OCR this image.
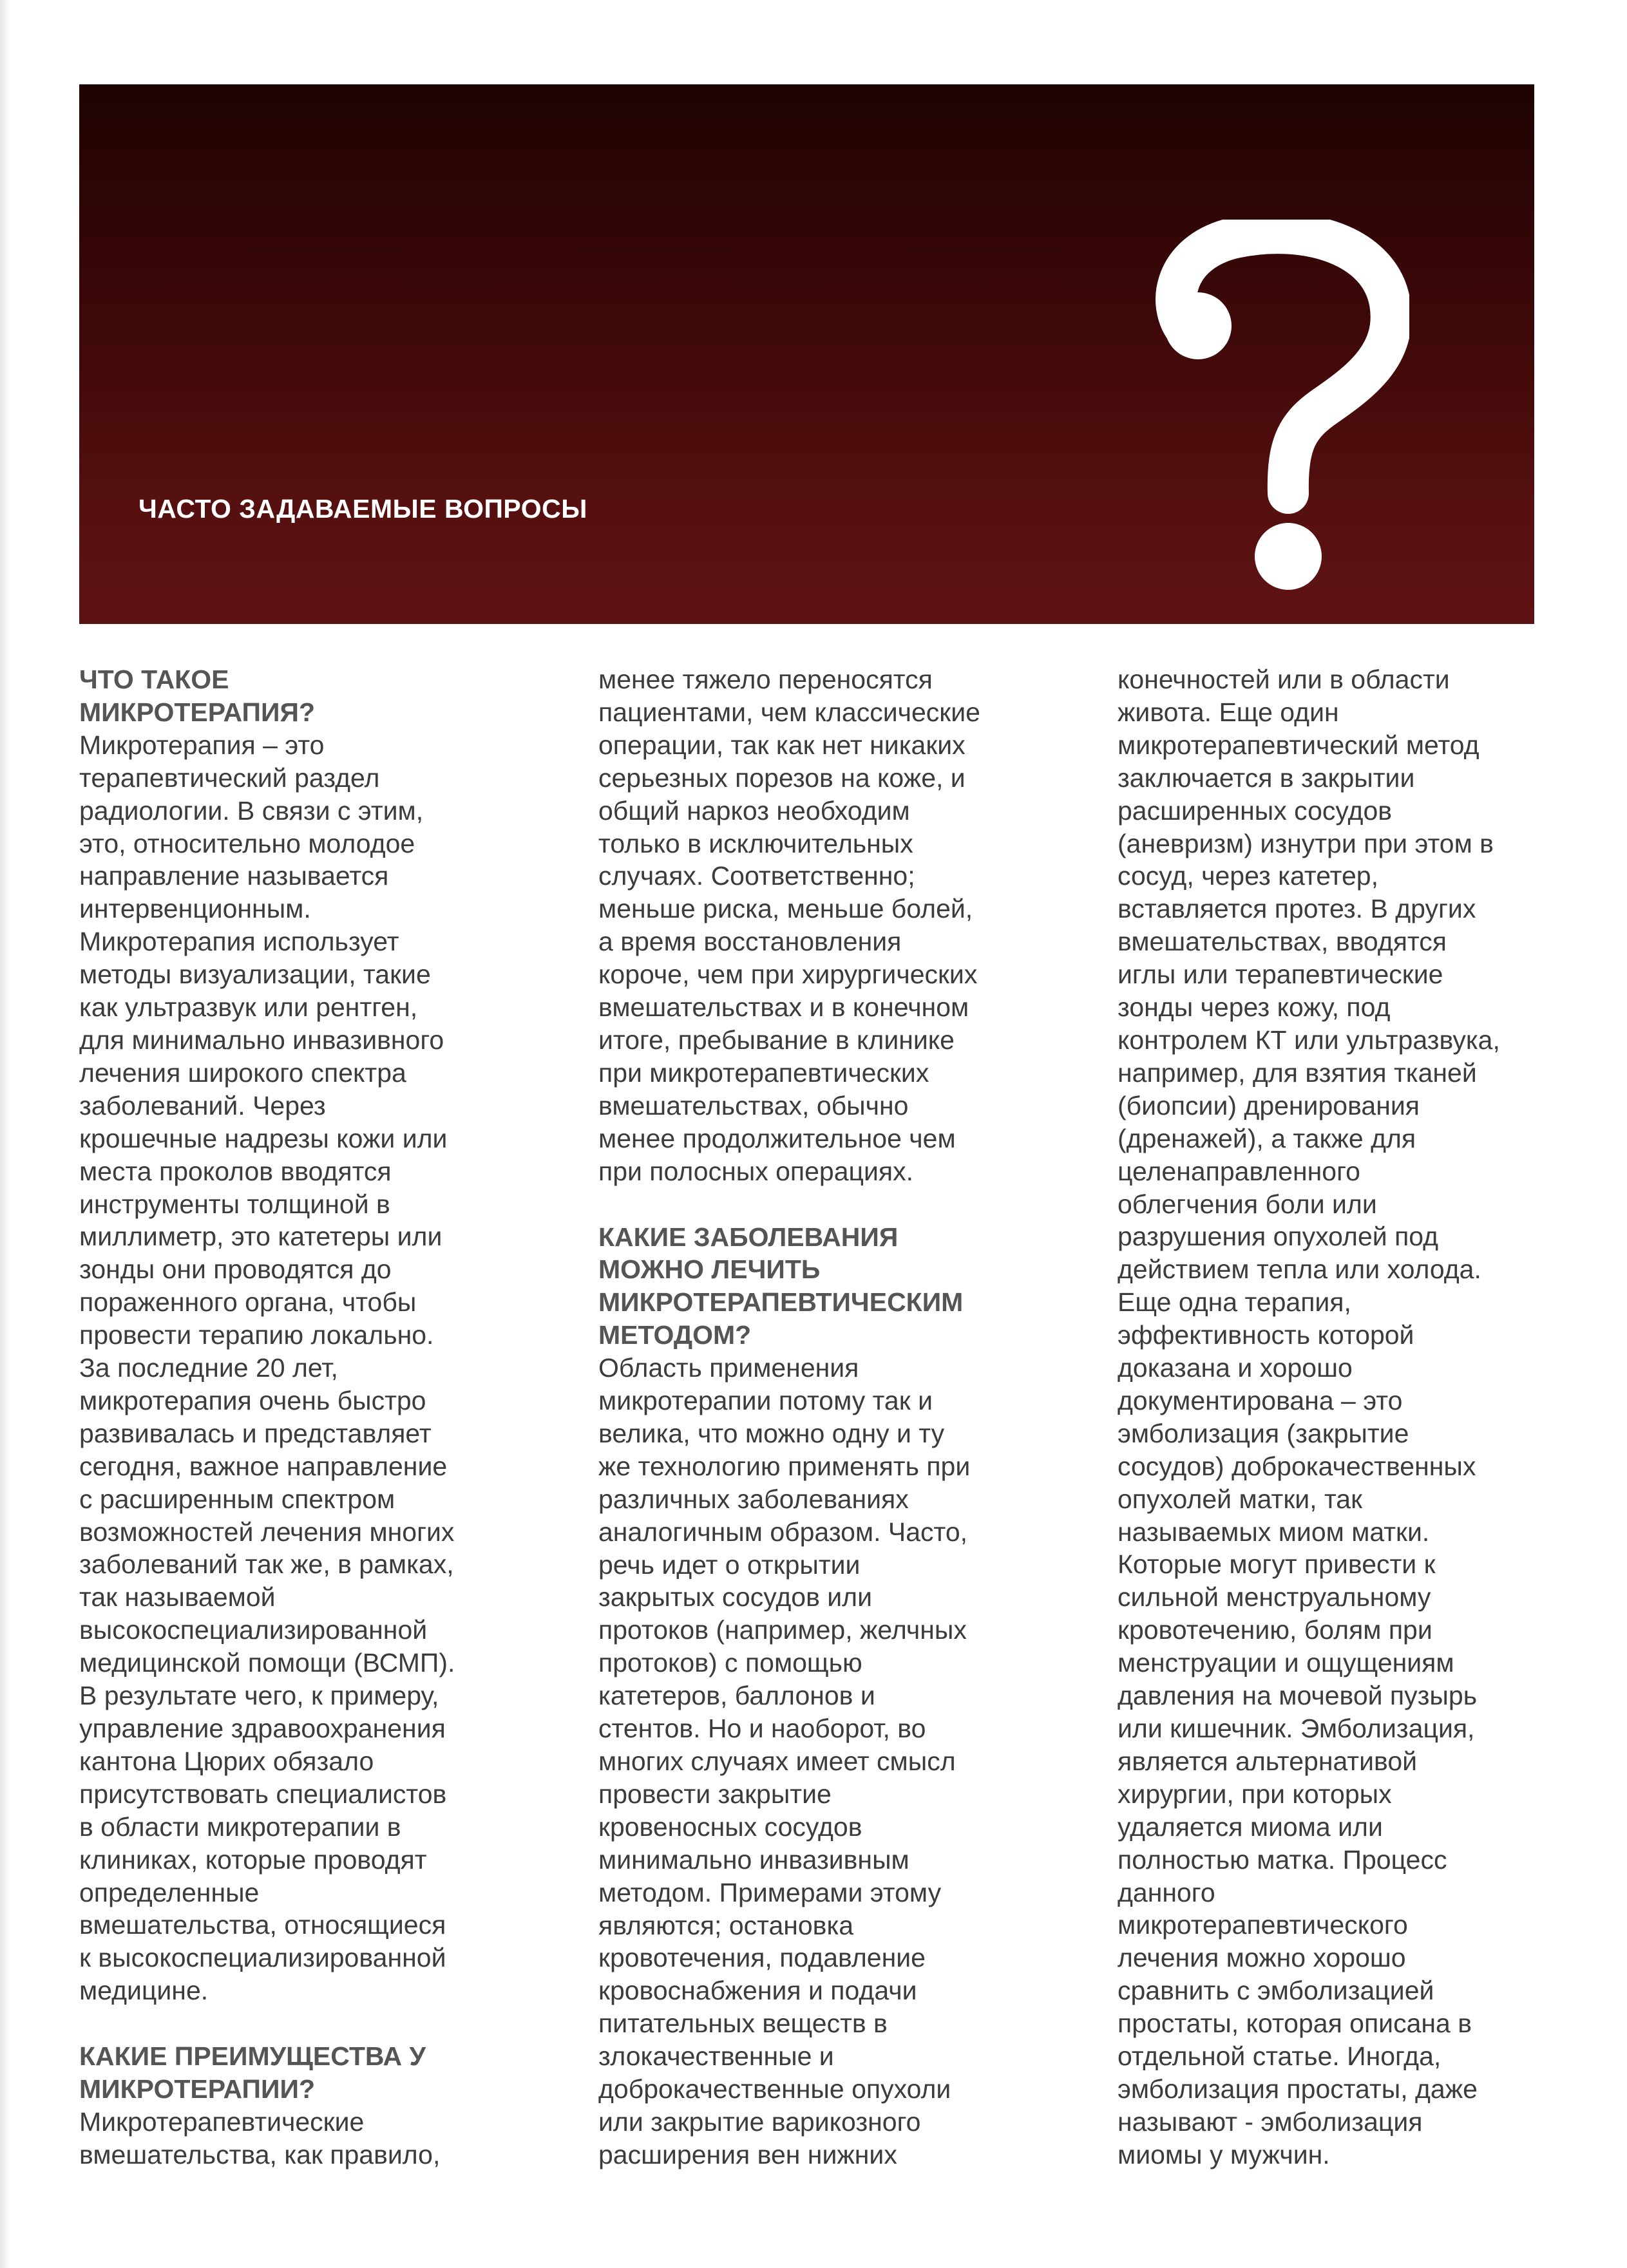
ЧАСТО ЗАДАВАЕМЫЕ ВОПРОСЫ
ЧТО ТАКОЕ
МИКРОТЕРАПИЯ?
Микротерапия – это
терапевтический раздел
радиологии. В связи с этим,
это, относительно молодое
направление называется
интервенционным.
Микротерапия использует
методы визуализации, такие
как ультразвук или рентген,
для минимально инвазивного
лечения широкого спектра
заболеваний. Через
крошечные надрезы кожи или
места проколов вводятся
инструменты толщиной в
миллиметр, это катетеры или
зонды они проводятся до
пораженного органа, чтобы
провести терапию локально.
За последние 20 лет,
микротерапия очень быстро
развивалась и представляет
сегодня, важное направление
с расширенным спектром
возможностей лечения многих
заболеваний так же, в рамках,
так называемой
высокоспециализированной
медицинской помощи (ВСМП).
В результате чего, к примеру,
управление здравоохранения
кантона Цюрих обязало
присутствовать специалистов
в области микротерапии в
клиниках, которые проводят
определенные
вмешательства, относящиеся
к высокоспециализированной
медицине.
КАКИЕ ПРЕИМУЩЕСТВА У
МИКРОТЕРАПИИ?
Микротерапевтические
вмешательства, как правило,
менее тяжело переносятся
пациентами, чем классические
операции, так как нет никаких
серьезных порезов на коже, и
общий наркоз необходим
только в исключительных
случаях. Соответственно;
меньше риска, меньше болей,
а время восстановления
короче, чем при хирургических
вмешательствах и в конечном
итоге, пребывание в клинике
при микротерапевтических
вмешательствах, обычно
менее продолжительное чем
при полосных операциях.
КАКИЕ ЗАБОЛЕВАНИЯ
МОЖНО ЛЕЧИТЬ
МИКРОТЕРАПЕВТИЧЕСКИМ
МЕТОДОМ?
Область применения
микротерапии потому так и
велика, что можно одну и ту
же технологию применять при
различных заболеваниях
аналогичным образом. Часто,
речь идет о открытии
закрытых сосудов или
протоков (например, желчных
протоков) с помощью
катетеров, баллонов и
стентов. Но и наоборот, во
многих случаях имеет смысл
провести закрытие
кровеносных сосудов
минимально инвазивным
методом. Примерами этому
являются; остановка
кровотечения, подавление
кровоснабжения и подачи
питательных веществ в
злокачественные и
доброкачественные опухоли
или закрытие варикозного
расширения вен нижних
конечностей или в области
живота. Еще один
микротерапевтический метод
заключается в закрытии
расширенных сосудов
(аневризм) изнутри при этом в
сосуд, через катетер,
вставляется протез. В других
вмешательствах, вводятся
иглы или терапевтические
зонды через кожу, под
контролем КТ или ультразвука,
например, для взятия тканей
(биопсии) дренирования
(дренажей), а также для
целенаправленного
облегчения боли или
разрушения опухолей под
действием тепла или холода.
Еще одна терапия,
эффективность которой
доказана и хорошо
документирована – это
эмболизация (закрытие
сосудов) доброкачественных
опухолей матки, так
называемых миом матки.
Которые могут привести к
сильной менструальному
кровотечению, болям при
менструации и ощущениям
давления на мочевой пузырь
или кишечник. Эмболизация,
является альтернативой
хирургии, при которых
удаляется миома или
полностью матка. Процесс
данного
микротерапевтического
лечения можно хорошо
сравнить с эмболизацией
простаты, которая описана в
отдельной статье. Иногда,
эмболизация простаты, даже
называют - эмболизация
миомы у мужчин.
